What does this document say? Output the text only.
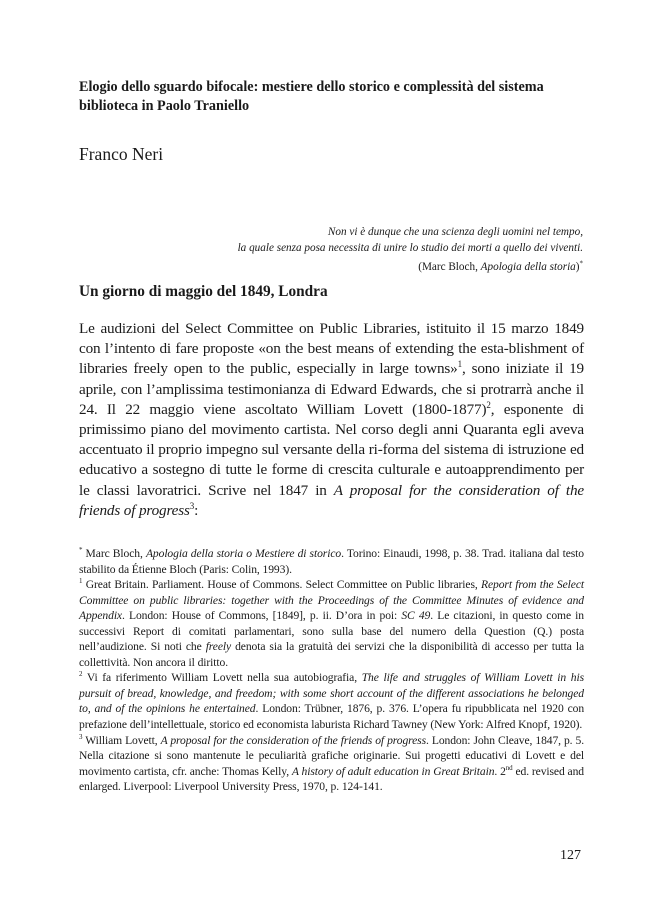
Elogio dello sguardo bifocale: mestiere dello storico e complessità del sistema biblioteca in Paolo Traniello
Franco Neri
Non vi è dunque che una scienza degli uomini nel tempo,
la quale senza posa necessita di unire lo studio dei morti a quello dei viventi.
(Marc Bloch, Apologia della storia)*
Un giorno di maggio del 1849, Londra
Le audizioni del Select Committee on Public Libraries, istituito il 15 marzo 1849 con l’intento di fare proposte «on the best means of extending the esta-blishment of libraries freely open to the public, especially in large towns»$^1$, sono iniziate il 19 aprile, con l’amplissima testimonianza di Edward Edwards, che si protrarrà anche il 24. Il 22 maggio viene ascoltato William Lovett (1800-1877)$^2$, esponente di primissimo piano del movimento cartista. Nel corso degli anni Quaranta egli aveva accentuato il proprio impegno sul versante della ri-forma del sistema di istruzione ed educativo a sostegno di tutte le forme di crescita culturale e autoapprendimento per le classi lavoratrici. Scrive nel 1847 in A proposal for the consideration of the friends of progress$^3$:

* Marc Bloch, Apologia della storia o Mestiere di storico. Torino: Einaudi, 1998, p. 38. Trad. italiana dal testo stabilito da Étienne Bloch (Paris: Colin, 1993).

$^1$ Great Britain. Parliament. House of Commons. Select Committee on Public libraries, Report from the Select Committee on public libraries: together with the Proceedings of the Committee Minutes of evidence and Appendix. London: House of Commons, [1849], p. ii. D’ora in poi: SC 49. Le citazioni, in questo come in successivi Report di comitati parlamentari, sono sulla base del numero della Question (Q.) posta nell’audizione. Si noti che freely denota sia la gratuità dei servizi che la disponibilità di accesso per tutta la collettività. Non ancora il diritto.

$^2$ Vi fa riferimento William Lovett nella sua autobiografia, The life and struggles of William Lovett in his pursuit of bread, knowledge, and freedom; with some short account of the different associations he belonged to, and of the opinions he entertained. London: Trübner, 1876, p. 376. L’opera fu ripubblicata nel 1920 con prefazione dell’intellettuale, storico ed economista laburista Richard Tawney (New York: Alfred Knopf, 1920).

$^3$ William Lovett, A proposal for the consideration of the friends of progress. London: John Cleave, 1847, p. 5. Nella citazione si sono mantenute le peculiarità grafiche originarie. Sui progetti educativi di Lovett e del movimento cartista, cfr. anche: Thomas Kelly, A history of adult education in Great Britain. 2nd ed. revised and enlarged. Liverpool: Liverpool University Press, 1970, p. 124-141.

127
